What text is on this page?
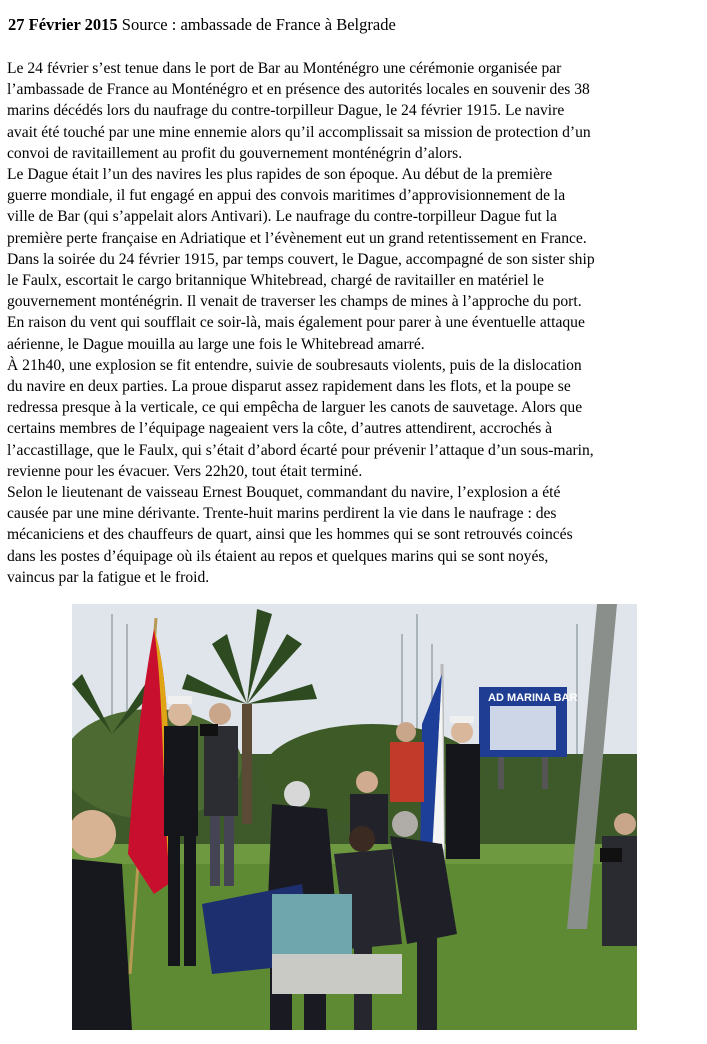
27 Février 2015 Source : ambassade de France à Belgrade
Le 24 février s’est tenue dans le port de Bar au Monténégro une cérémonie organisée par
l’ambassade de France au Monténégro et en présence des autorités locales en souvenir des 38
marins décédés lors du naufrage du contre-torpilleur Dague, le 24 février 1915. Le navire
avait été touché par une mine ennemie alors qu’il accomplissait sa mission de protection d’un
convoi de ravitaillement au profit du gouvernement monténégrin d’alors.
Le Dague était l’un des navires les plus rapides de son époque. Au début de la première
guerre mondiale, il fut engagé en appui des convois maritimes d’approvisionnement de la
ville de Bar (qui s’appelait alors Antivari). Le naufrage du contre-torpilleur Dague fut la
première perte française en Adriatique et l’évènement eut un grand retentissement en France.
Dans la soirée du 24 février 1915, par temps couvert, le Dague, accompagné de son sister ship
le Faulx, escortait le cargo britannique Whitebread, chargé de ravitailler en matériel le
gouvernement monténégrin. Il venait de traverser les champs de mines à l’approche du port.
En raison du vent qui soufflait ce soir-là, mais également pour parer à une éventuelle attaque
aérienne, le Dague mouilla au large une fois le Whitebread amarré.
À 21h40, une explosion se fit entendre, suivie de soubresauts violents, puis de la dislocation
du navire en deux parties. La proue disparut assez rapidement dans les flots, et la poupe se
redressa presque à la verticale, ce qui empêcha de larguer les canots de sauvetage. Alors que
certains membres de l’équipage nageaient vers la côte, d’autres attendirent, accrochés à
l’accastillage, que le Faulx, qui s’était d’abord écarté pour prévenir l’attaque d’un sous-marin,
revienne pour les évacuer. Vers 22h20, tout était terminé.
Selon le lieutenant de vaisseau Ernest Bouquet, commandant du navire, l’explosion a été
causée par une mine dérivante. Trente-huit marins perdirent la vie dans le naufrage : des
mécaniciens et des chauffeurs de quart, ainsi que les hommes qui se sont retrouvés coincés
dans les postes d’équipage où ils étaient au repos et quelques marins qui se sont noyés,
vaincus par la fatigue et le froid.
AD MARINA BAR
